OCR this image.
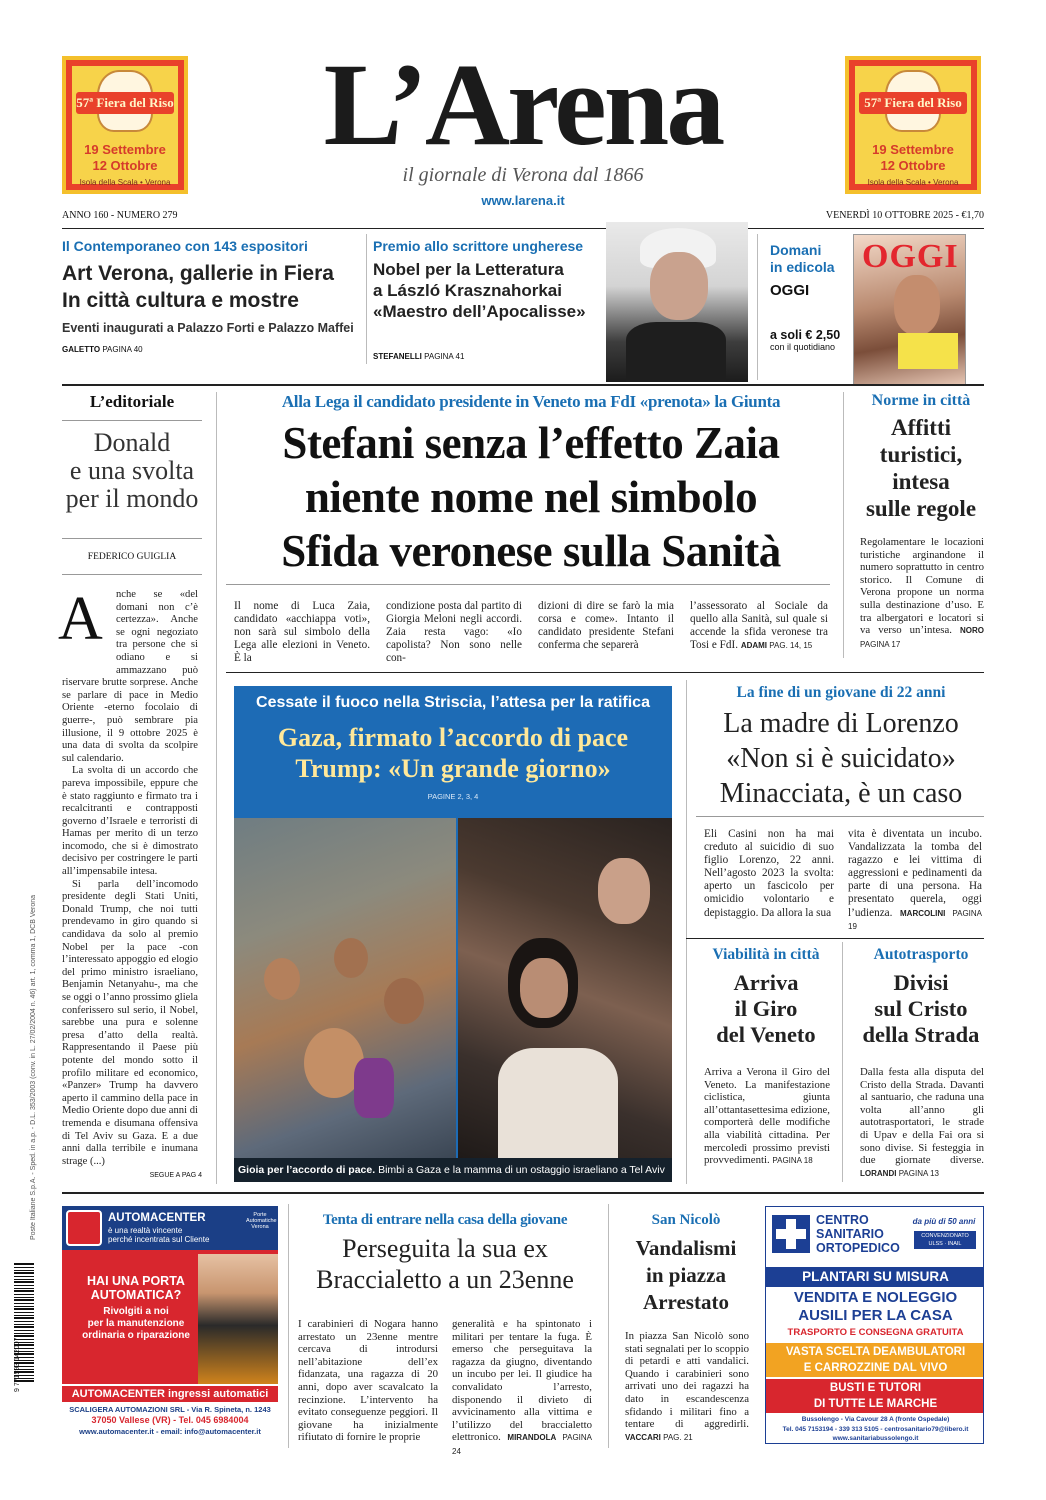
57ª Fiera del Riso
19 Settembre
12 Ottobre
Isola della Scala • Verona
57ª Fiera del Riso
19 Settembre
12 Ottobre
Isola della Scala • Verona
L’Arena
il giornale di Verona dal 1866
www.larena.it
ANNO 160 - NUMERO 279	VENERDÌ 10 OTTOBRE 2025 - €1,70
Il Contemporaneo con 143 espositori
Art Verona, gallerie in Fiera
In città cultura e mostre
Eventi inaugurati a Palazzo Forti e Palazzo Maffei
GALETTO PAGINA 40
Premio allo scrittore ungherese
Nobel per la Letteratura
a László Krasznahorkai
«Maestro dell’Apocalisse»
STEFANELLI PAGINA 41
Domani
in edicola
OGGI
a soli € 2,50
con il quotidiano
OGGI
L’editoriale
Donald
e una svolta
per il mondo
FEDERICO GUIGLIA
A	nche se «del domani non c’è certezza». Anche se ogni negoziato tra persone che si odiano e si ammazzano può riservare brutte sorprese. Anche se parlare di pace in Medio Oriente -eterno focolaio di guerre-, può sembrare pia illusione, il 9 ottobre 2025 è una data di svolta da scolpire sul calendario.

La svolta di un accordo che pareva impossibile, eppure che è stato raggiunto e firmato tra i recalcitranti e contrapposti governo d’Israele e terroristi di Hamas per merito di un terzo incomodo, che si è dimostrato decisivo per costringere le parti all’impensabile intesa.

Si parla dell’incomodo presidente degli Stati Uniti, Donald Trump, che noi tutti prendevamo in giro quando si candidava da solo al premio Nobel per la pace -con l’interessato appoggio ed elogio del primo ministro israeliano, Benjamin Netanyahu-, ma che se oggi o l’anno prossimo gliela conferissero sul serio, il Nobel, sarebbe una pura e solenne presa d’atto della realtà. Rappresentando il Paese più potente del mondo sotto il profilo militare ed economico, «Panzer» Trump ha davvero aperto il cammino della pace in Medio Oriente dopo due anni di tremenda e disumana offensiva di Tel Aviv su Gaza. E a due anni dalla terribile e inumana strage (...)

SEGUE A PAG 4
Poste Italiane S.p.A. - Sped. in a.p. - D.L. 353/2003 (conv. in L. 27/02/2004 n. 46) art. 1, comma 1, DCB Verona
9 771593 142007
Alla Lega il candidato presidente in Veneto ma FdI «prenota» la Giunta
Stefani senza l’effetto Zaia
niente nome nel simbolo
Sfida veronese sulla Sanità
Il nome di Luca Zaia, candidato «acchiappa voti», non sarà sul simbolo della Lega alle elezioni in Veneto. È la
condizione posta dal partito di Giorgia Meloni negli accordi. Zaia resta vago: «Io capolista? Non sono nelle con-
dizioni di dire se farò la mia corsa e come». Intanto il candidato presidente Stefani conferma che separerà
l’assessorato al Sociale da quello alla Sanità, sul quale si accende la sfida veronese tra Tosi e FdI. ADAMI PAG. 14, 15
Norme in città
Affitti
turistici,
intesa
sulle regole
Regolamentare le locazioni turistiche arginandone il numero soprattutto in centro storico. Il Comune di Verona propone un norma sulla destinazione d’uso. E tra albergatori e locatori si va verso un’intesa. NORO PAGINA 17
Cessate il fuoco nella Striscia, l’attesa per la ratifica
Gaza, firmato l’accordo di pace
Trump: «Un grande giorno»
PAGINE 2, 3, 4
Gioia per l’accordo di pace. Bimbi a Gaza e la mamma di un ostaggio israeliano a Tel Aviv
La fine di un giovane di 22 anni
La madre di Lorenzo
«Non si è suicidato»
Minacciata, è un caso
Eli Casini non ha mai creduto al suicidio di suo figlio Lorenzo, 22 anni. Nell’agosto 2023 la svolta: aperto un fascicolo per omicidio volontario e depistaggio. Da allora la sua
vita è diventata un incubo. Vandalizzata la tomba del ragazzo e lei vittima di aggressioni e pedinamenti da parte di una persona. Ha presentato querela, oggi l’udienza. MARCOLINI PAGINA 19
Viabilità in città
Arriva
il Giro
del Veneto
Arriva a Verona il Giro del Veneto. La manifestazione ciclistica, giunta all’ottantasettesima edizione, comporterà delle modifiche alla viabilità cittadina. Per mercoledì prossimo previsti provvedimenti. PAGINA 18
Autotrasporto
Divisi
sul Cristo
della Strada
Dalla festa alla disputa del Cristo della Strada. Davanti al santuario, che raduna una volta all’anno gli autotrasportatori, le strade di Upav e della Fai ora si sono divise. Si festeggia in due giornate diverse. LORANDI PAGINA 13
AUTOMACENTER
è una realtà vincente
perché incentrata sul Cliente
Porte Automatiche Verona
HAI UNA PORTA
AUTOMATICA?
Rivolgiti a noi
per la manutenzione
ordinaria o riparazione
AUTOMACENTER ingressi automatici
SCALIGERA AUTOMAZIONI SRL - Via R. Spineta, n. 1243
37050 Vallese (VR) - Tel. 045 6984004
www.automacenter.it - email: info@automacenter.it
Tenta di entrare nella casa della giovane
Perseguita la sua ex
Braccialetto a un 23enne
I carabinieri di Nogara hanno arrestato un 23enne mentre cercava di introdursi nell’abitazione dell’ex fidanzata, una ragazza di 20 anni, dopo aver scavalcato la recinzione. L’intervento ha evitato conseguenze peggiori. Il giovane ha inizialmente rifiutato di fornire le proprie
generalità e ha spintonato i militari per tentare la fuga. È emerso che perseguitava la ragazza da giugno, diventando un incubo per lei. Il giudice ha convalidato l’arresto, disponendo il divieto di avvicinamento alla vittima e l’utilizzo del braccialetto elettronico. MIRANDOLA PAGINA 24
San Nicolò
Vandalismi
in piazza
Arrestato
In piazza San Nicolò sono stati segnalati per lo scoppio di petardi e atti vandalici. Quando i carabinieri sono arrivati uno dei ragazzi ha dato in escandescenza sfidando i militari fino a tentare di aggredirli. VACCARI PAG. 21
CENTRO
SANITARIO
ORTOPEDICO
da più di 50 anni
CONVENZIONATO
ULSS · INAIL
PLANTARI SU MISURA
VENDITA E NOLEGGIO
AUSILI PER LA CASA
TRASPORTO E CONSEGNA GRATUITA
VASTA SCELTA DEAMBULATORI
E CARROZZINE DAL VIVO
BUSTI E TUTORI
DI TUTTE LE MARCHE
Bussolengo - Via Cavour 28 A (fronte Ospedale)
Tel. 045 7153194 - 339 313 5105 - centrosanitario79@libero.it
www.sanitariabussolengo.it
